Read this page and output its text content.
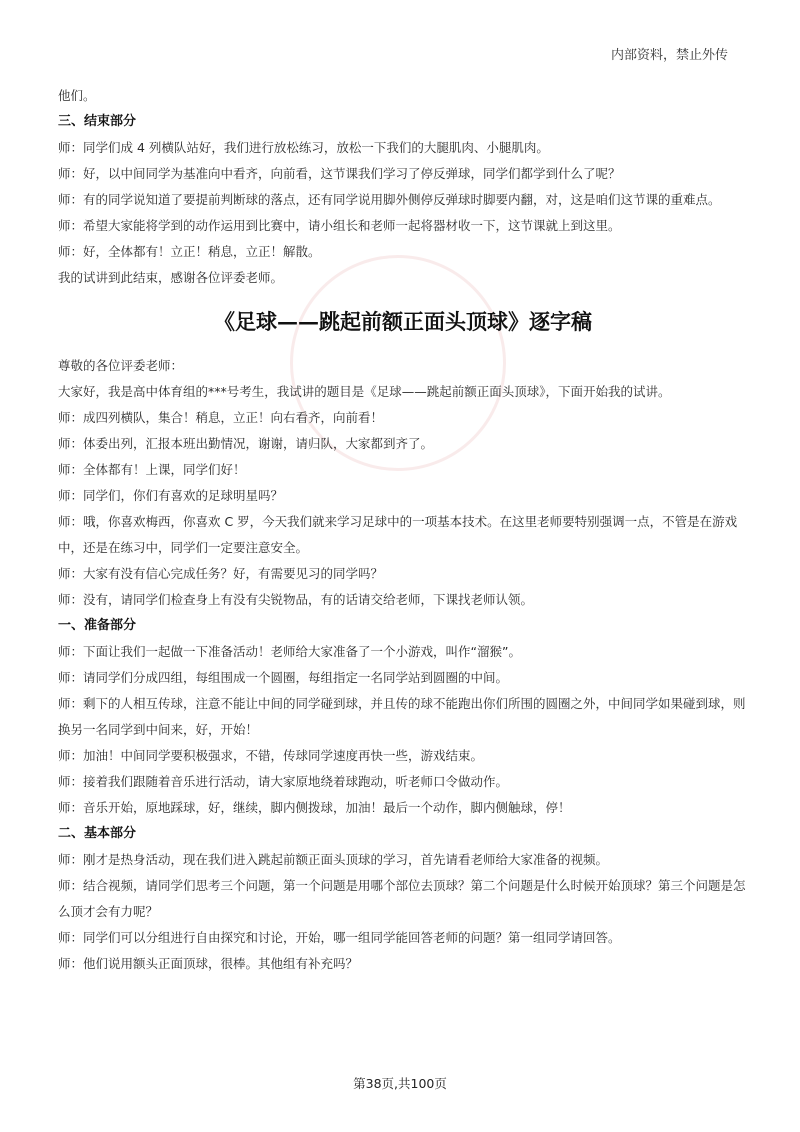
内部资料，禁止外传

他们。

三、结束部分

师：同学们成 4 列横队站好，我们进行放松练习，放松一下我们的大腿肌肉、小腿肌肉。

师：好，以中间同学为基准向中看齐，向前看，这节课我们学习了停反弹球，同学们都学到什么了呢？

师：有的同学说知道了要提前判断球的落点，还有同学说用脚外侧停反弹球时脚要内翻，对，这是咱们这节课的重难点。

师：希望大家能将学到的动作运用到比赛中，请小组长和老师一起将器材收一下，这节课就上到这里。

师：好，全体都有！立正！稍息，立正！解散。

我的试讲到此结束，感谢各位评委老师。

《足球——跳起前额正面头顶球》逐字稿

尊敬的各位评委老师：

大家好，我是高中体育组的***号考生，我试讲的题目是《足球——跳起前额正面头顶球》，下面开始我的试讲。

师：成四列横队，集合！稍息，立正！向右看齐，向前看！

师：体委出列，汇报本班出勤情况，谢谢，请归队，大家都到齐了。

师：全体都有！上课，同学们好！

师：同学们，你们有喜欢的足球明星吗？

师：哦，你喜欢梅西，你喜欢 C 罗，今天我们就来学习足球中的一项基本技术。在这里老师要特别强调一点，不管是在游戏中，还是在练习中，同学们一定要注意安全。

师：大家有没有信心完成任务？好，有需要见习的同学吗？

师：没有，请同学们检查身上有没有尖锐物品，有的话请交给老师，下课找老师认领。

一、准备部分

师：下面让我们一起做一下准备活动！老师给大家准备了一个小游戏，叫作“溜猴”。

师：请同学们分成四组，每组围成一个圆圈，每组指定一名同学站到圆圈的中间。

师：剩下的人相互传球，注意不能让中间的同学碰到球，并且传的球不能跑出你们所围的圆圈之外，中间同学如果碰到球，则换另一名同学到中间来，好，开始！

师：加油！中间同学要积极强求，不错，传球同学速度再快一些，游戏结束。

师：接着我们跟随着音乐进行活动，请大家原地绕着球跑动，听老师口令做动作。

师：音乐开始，原地踩球，好，继续，脚内侧拨球，加油！最后一个动作，脚内侧触球，停！

二、基本部分

师：刚才是热身活动，现在我们进入跳起前额正面头顶球的学习，首先请看老师给大家准备的视频。

师：结合视频，请同学们思考三个问题，第一个问题是用哪个部位去顶球？第二个问题是什么时候开始顶球？第三个问题是怎么顶才会有力呢？

师：同学们可以分组进行自由探究和讨论，开始，哪一组同学能回答老师的问题？第一组同学请回答。

师：他们说用额头正面顶球，很棒。其他组有补充吗？

第38页,共100页
